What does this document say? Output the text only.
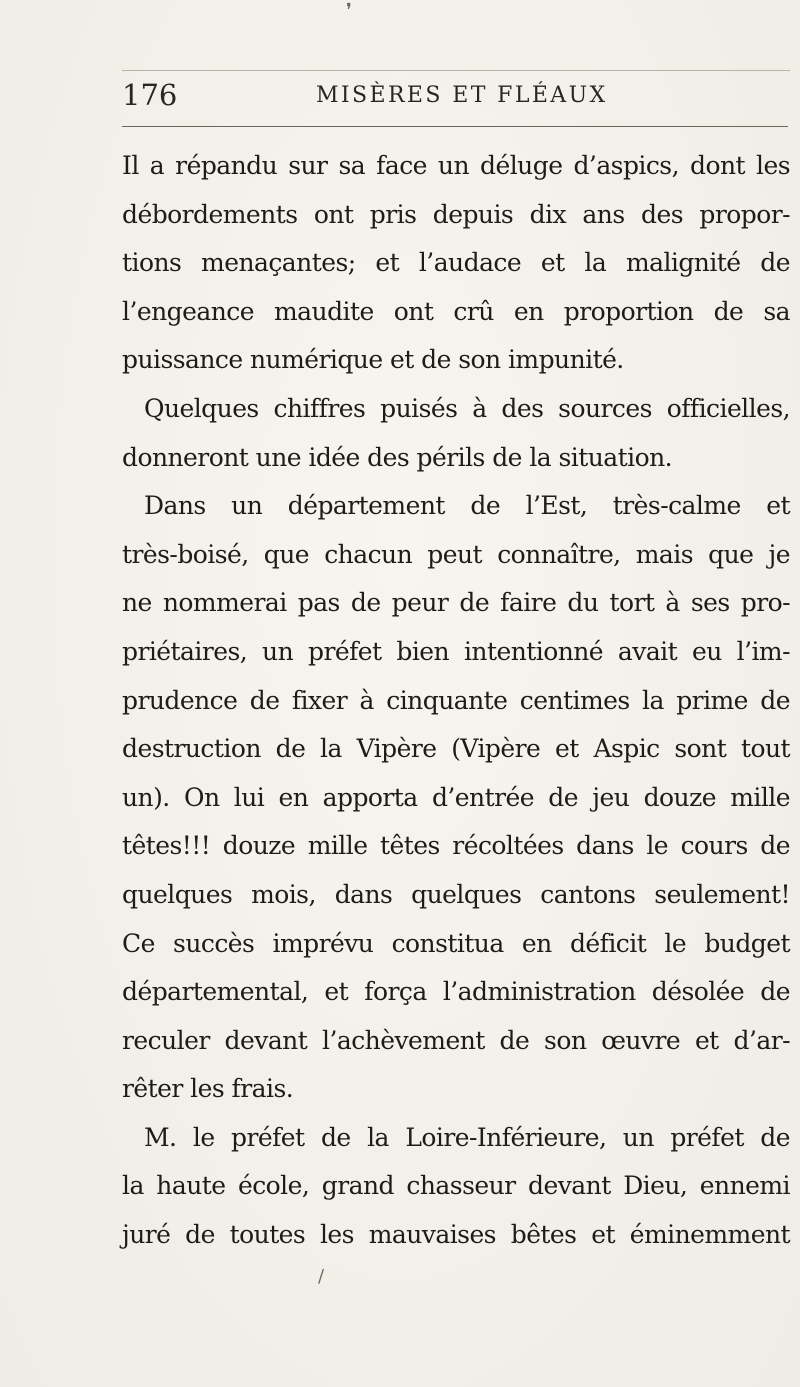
❜
176	MISÈRES ET FLÉAUX
Il a répandu sur sa face un déluge d’aspics, dont les
débordements ont pris depuis dix ans des propor-
tions menaçantes; et l’audace et la malignité de
l’engeance maudite ont crû en proportion de sa
puissance numérique et de son impunité.
Quelques chiffres puisés à des sources officielles,
donneront une idée des périls de la situation.
Dans un département de l’Est, très-calme et
très-boisé, que chacun peut connaître, mais que je
ne nommerai pas de peur de faire du tort à ses pro-
priétaires, un préfet bien intentionné avait eu l’im-
prudence de fixer à cinquante centimes la prime de
destruction de la Vipère (Vipère et Aspic sont tout
un). On lui en apporta d’entrée de jeu douze mille
têtes!!! douze mille têtes récoltées dans le cours de
quelques mois, dans quelques cantons seulement!
Ce succès imprévu constitua en déficit le budget
départemental, et força l’administration désolée de
reculer devant l’achèvement de son œuvre et d’ar-
rêter les frais.
M. le préfet de la Loire-Inférieure, un préfet de
la haute école, grand chasseur devant Dieu, ennemi
juré de toutes les mauvaises bêtes et éminemment
/
